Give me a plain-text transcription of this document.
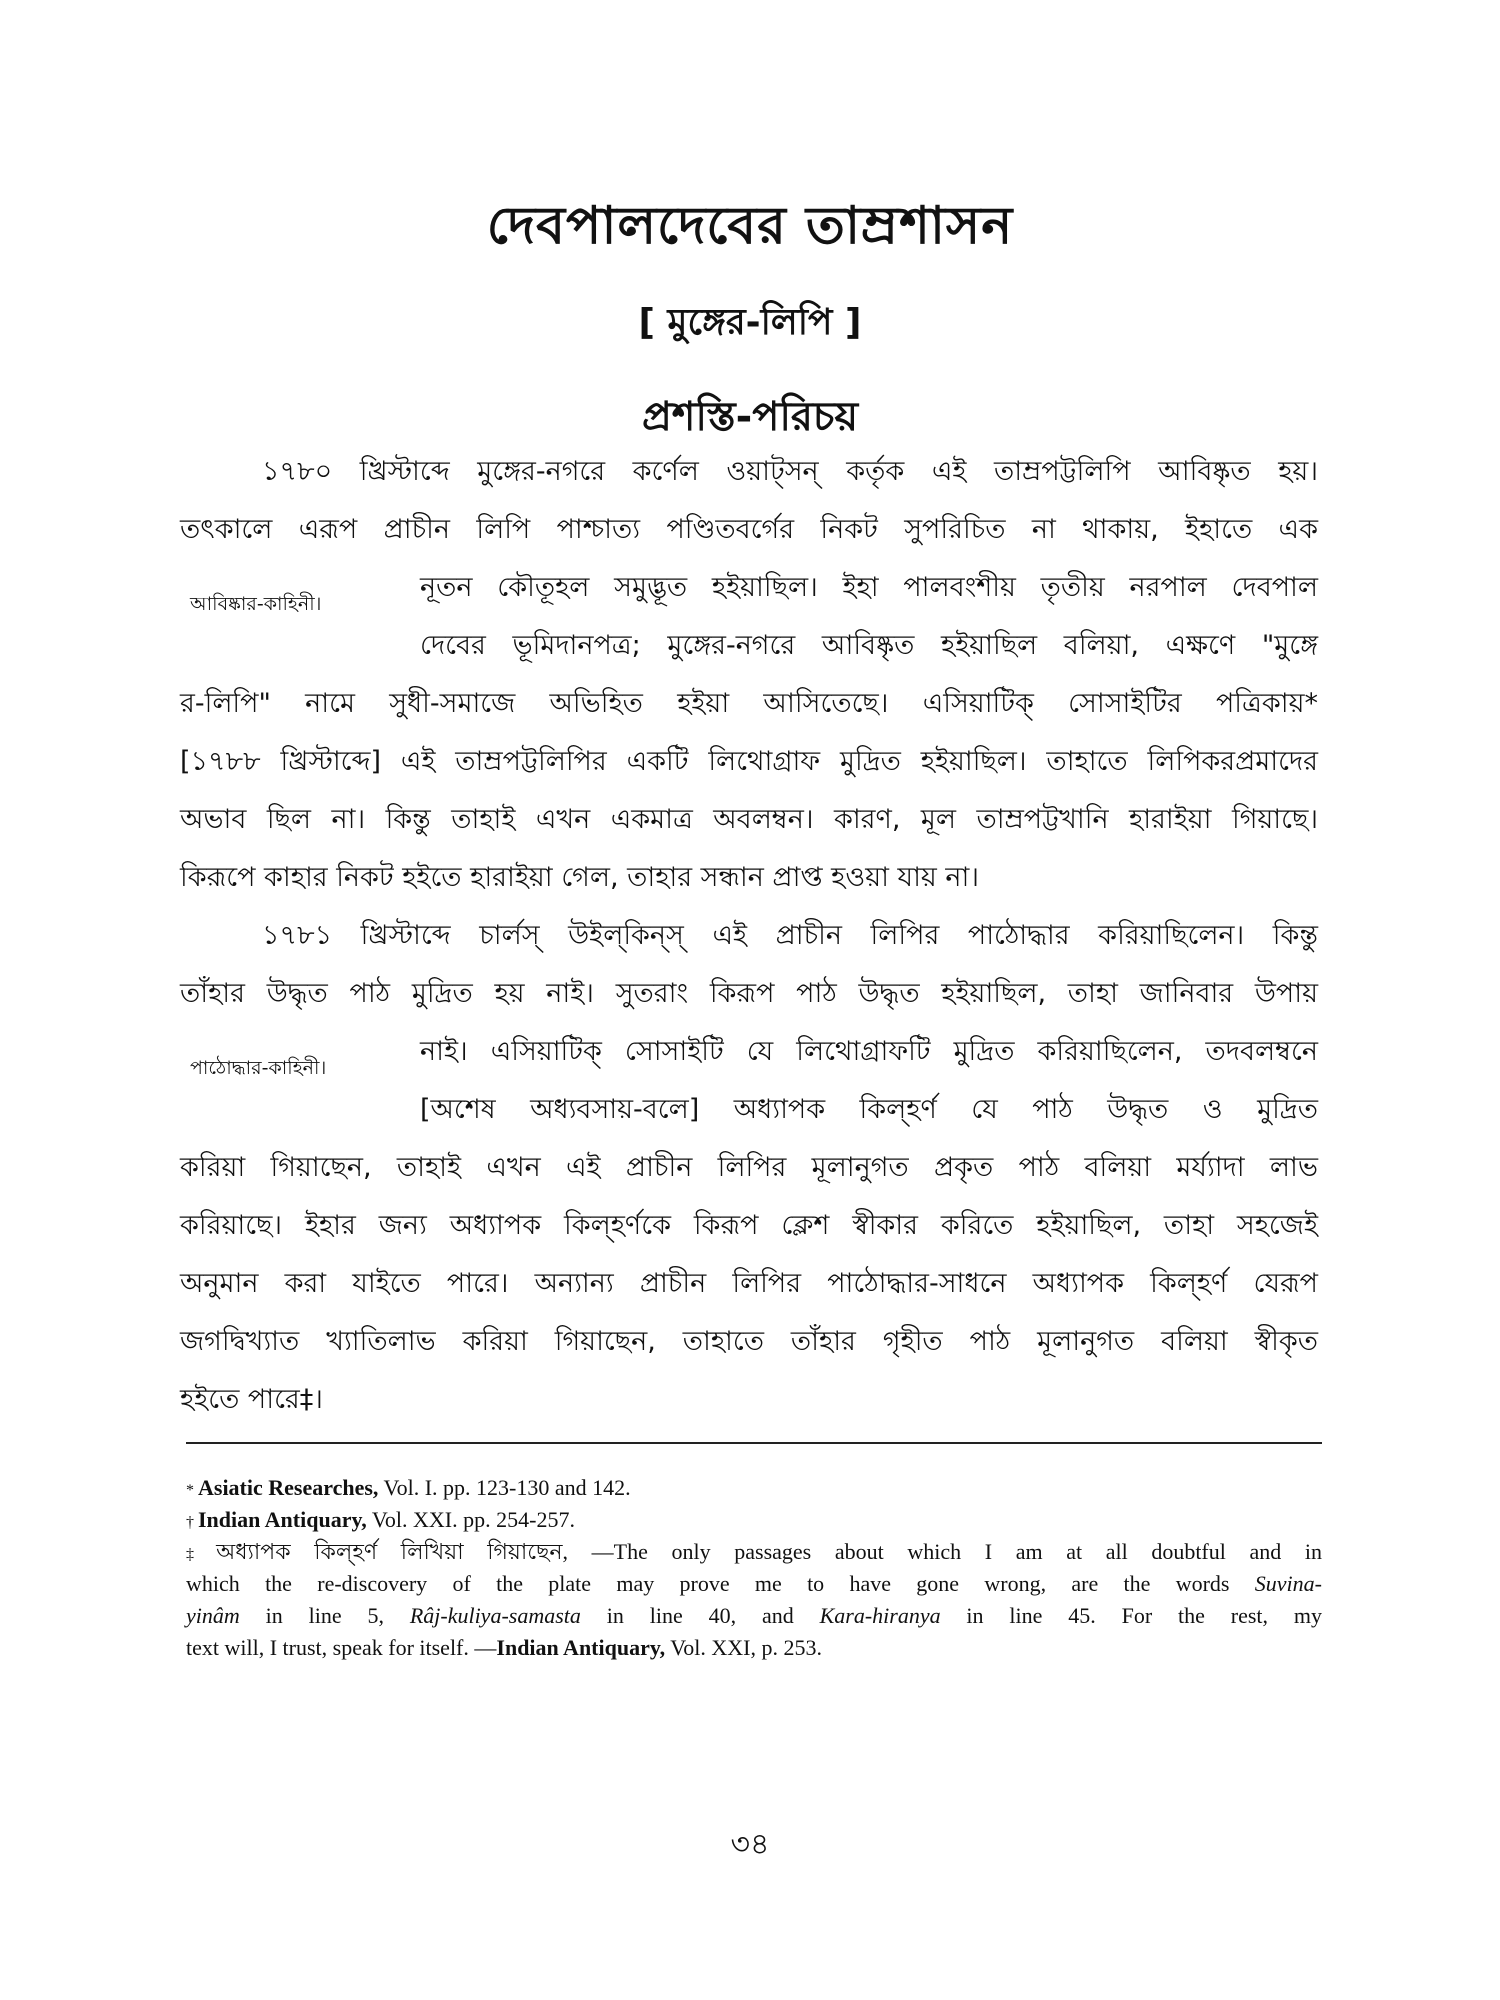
দেবপালদেবের তাম্রশাসন
[ মুঙ্গের-লিপি ]
প্রশস্তি-পরিচয়
১৭৮০ খ্রিস্টাব্দে মুঙ্গের-নগরে কর্ণেল ওয়াট্‌সন্ কর্তৃক এই তাম্রপট্টলিপি আবিষ্কৃত হয়।
তৎকালে এরূপ প্রাচীন লিপি পাশ্চাত্য পণ্ডিতবর্গের নিকট সুপরিচিত না থাকায়, ইহাতে এক
নূতন কৌতূহল সমুদ্ভূত হইয়াছিল। ইহা পালবংশীয় তৃতীয় নরপাল দেবপাল
আবিষ্কার-কাহিনী।
দেবের ভূমিদানপত্র; মুঙ্গের-নগরে আবিষ্কৃত হইয়াছিল বলিয়া, এক্ষণে "মুঙ্গে
র-লিপি" নামে সুধী-সমাজে অভিহিত হইয়া আসিতেছে। এসিয়াটিক্ সোসাইটির পত্রিকায়*
[১৭৮৮ খ্রিস্টাব্দে] এই তাম্রপট্টলিপির একটি লিথোগ্রাফ মুদ্রিত হইয়াছিল। তাহাতে লিপিকরপ্রমাদের
অভাব ছিল না। কিন্তু তাহাই এখন একমাত্র অবলম্বন। কারণ, মূল তাম্রপট্টখানি হারাইয়া গিয়াছে।
কিরূপে কাহার নিকট হইতে হারাইয়া গেল, তাহার সন্ধান প্রাপ্ত হওয়া যায় না।
১৭৮১ খ্রিস্টাব্দে চার্লস্ উইল্‌কিন্স্ এই প্রাচীন লিপির পাঠোদ্ধার করিয়াছিলেন। কিন্তু
তাঁহার উদ্ধৃত পাঠ মুদ্রিত হয় নাই। সুতরাং কিরূপ পাঠ উদ্ধৃত হইয়াছিল, তাহা জানিবার উপায়
নাই। এসিয়াটিক্ সোসাইটি যে লিথোগ্রাফটি মুদ্রিত করিয়াছিলেন, তদবলম্বনে
পাঠোদ্ধার-কাহিনী।
[অশেষ অধ্যবসায়-বলে] অধ্যাপক কিল্‌হর্ণ যে পাঠ উদ্ধৃত ও মুদ্রিত
করিয়া গিয়াছেন, তাহাই এখন এই প্রাচীন লিপির মূলানুগত প্রকৃত পাঠ বলিয়া মর্য্যাদা লাভ
করিয়াছে। ইহার জন্য অধ্যাপক কিল্‌হর্ণকে কিরূপ ক্লেশ স্বীকার করিতে হইয়াছিল, তাহা সহজেই
অনুমান করা যাইতে পারে। অন্যান্য প্রাচীন লিপির পাঠোদ্ধার-সাধনে অধ্যাপক কিল্‌হর্ণ যেরূপ
জগদ্বিখ্যাত খ্যাতিলাভ করিয়া গিয়াছেন, তাহাতে তাঁহার গৃহীত পাঠ মূলানুগত বলিয়া স্বীকৃত
হইতে পারে‡।
* Asiatic Researches, Vol. I. pp. 123-130 and 142.
† Indian Antiquary, Vol. XXI. pp. 254-257.
‡ অধ্যাপক কিল্‌হর্ণ লিখিয়া গিয়াছেন, —The only passages about which I am at all doubtful and in
which the re-discovery of the plate may prove me to have gone wrong, are the words Suvina-
yinâm in line 5, Râj-kuliya-samasta in line 40, and Kara-hiranya in line 45. For the rest, my
text will, I trust, speak for itself. —Indian Antiquary, Vol. XXI, p. 253.
৩৪
